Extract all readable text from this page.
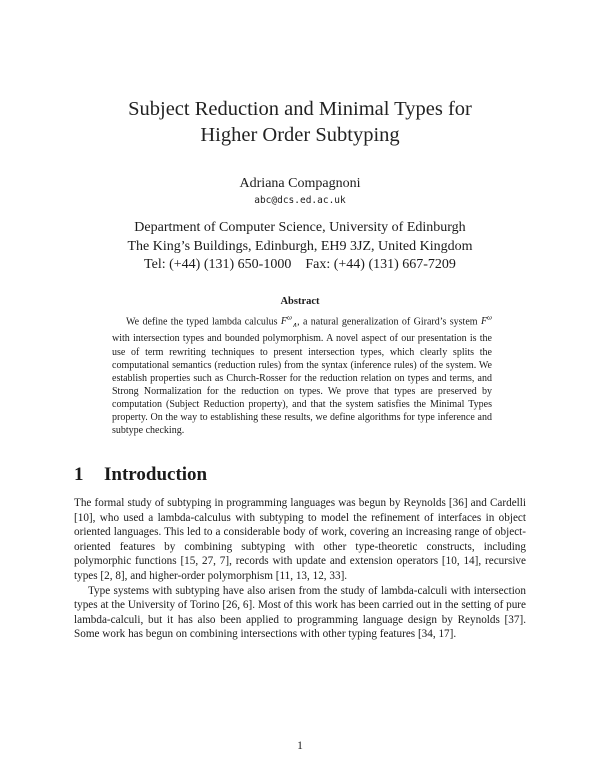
Subject Reduction and Minimal Types for
Higher Order Subtyping
Adriana Compagnoni
abc@dcs.ed.ac.uk
Department of Computer Science, University of Edinburgh
The King’s Buildings, Edinburgh, EH9 3JZ, United Kingdom
Tel: (+44) (131) 650-1000 Fax: (+44) (131) 667-7209
Abstract
We define the typed lambda calculus $F^\omega_\wedge$, a natural generalization of Girard’s system $F^\omega$ with intersection types and bounded polymorphism. A novel aspect of our presentation is the use of term rewriting techniques to present intersection types, which clearly splits the computational semantics (reduction rules) from the syntax (inference rules) of the system. We establish properties such as Church-Rosser for the reduction relation on types and terms, and Strong Normalization for the reduction on types. We prove that types are preserved by computation (Subject Reduction property), and that the system satisfies the Minimal Types property. On the way to establishing these results, we define algorithms for type inference and subtype checking.
1 Introduction

The formal study of subtyping in programming languages was begun by Reynolds [36] and Cardelli [10], who used a lambda-calculus with subtyping to model the refinement of interfaces in object oriented languages. This led to a considerable body of work, covering an increasing range of object-oriented features by combining subtyping with other type-theoretic constructs, including polymorphic functions [15, 27, 7], records with update and extension operators [10, 14], recursive types [2, 8], and higher-order polymorphism [11, 13, 12, 33].

Type systems with subtyping have also arisen from the study of lambda-calculi with intersection types at the University of Torino [26, 6]. Most of this work has been carried out in the setting of pure lambda-calculi, but it has also been applied to programming language design by Reynolds [37]. Some work has begun on combining intersections with other typing features [34, 17].

1
